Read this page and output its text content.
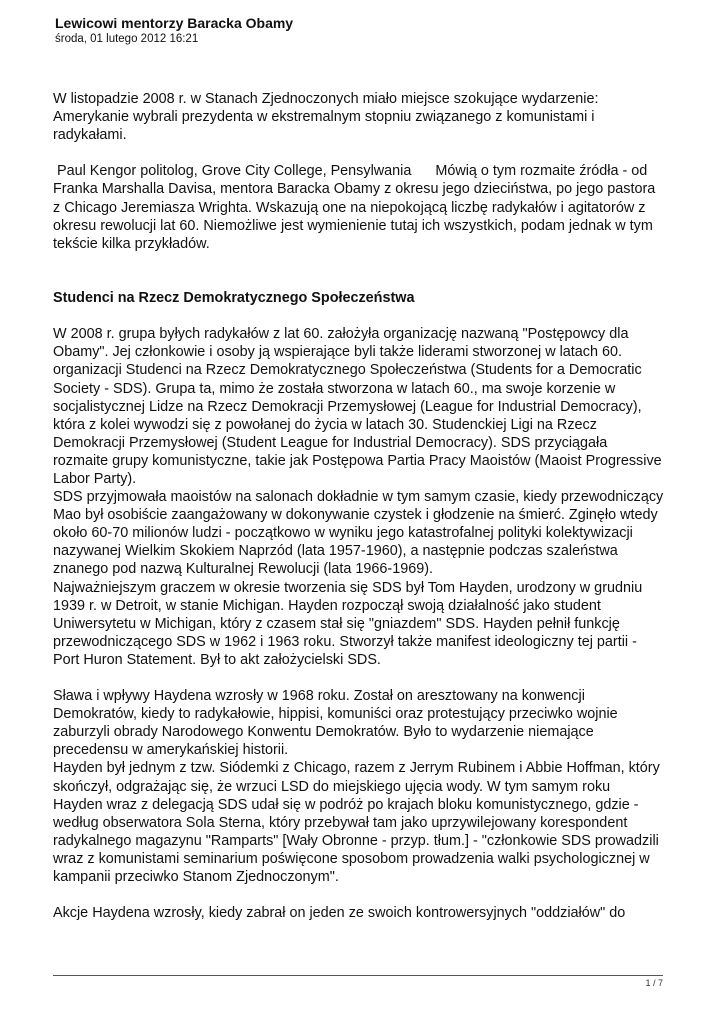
Lewicowi mentorzy Baracka Obamy

środa, 01 lutego 2012 16:21

W listopadzie 2008 r. w Stanach Zjednoczonych miało miejsce szokujące wydarzenie:

Amerykanie wybrali prezydenta w ekstremalnym stopniu związanego z komunistami i

radykałami.

Paul Kengor politolog, Grove City College, Pensylwania      Mówią o tym rozmaite źródła - od

Franka Marshalla Davisa, mentora Baracka Obamy z okresu jego dzieciństwa, po jego pastora

z Chicago Jeremiasza Wrighta. Wskazują one na niepokojącą liczbę radykałów i agitatorów z

okresu rewolucji lat 60. Niemożliwe jest wymienienie tutaj ich wszystkich, podam jednak w tym

tekście kilka przykładów.

Studenci na Rzecz Demokratycznego Społeczeństwa

W 2008 r. grupa byłych radykałów z lat 60. założyła organizację nazwaną "Postępowcy dla

Obamy". Jej członkowie i osoby ją wspierające byli także liderami stworzonej w latach 60.

organizacji Studenci na Rzecz Demokratycznego Społeczeństwa (Students for a Democratic

Society - SDS). Grupa ta, mimo że została stworzona w latach 60., ma swoje korzenie w

socjalistycznej Lidze na Rzecz Demokracji Przemysłowej (League for Industrial Democracy),

która z kolei wywodzi się z powołanej do życia w latach 30. Studenckiej Ligi na Rzecz

Demokracji Przemysłowej (Student League for Industrial Democracy). SDS przyciągała

rozmaite grupy komunistyczne, takie jak Postępowa Partia Pracy Maoistów (Maoist Progressive

Labor Party).

SDS przyjmowała maoistów na salonach dokładnie w tym samym czasie, kiedy przewodniczący

Mao był osobiście zaangażowany w dokonywanie czystek i głodzenie na śmierć. Zginęło wtedy

około 60-70 milionów ludzi - początkowo w wyniku jego katastrofalnej polityki kolektywizacji

nazywanej Wielkim Skokiem Naprzód (lata 1957-1960), a następnie podczas szaleństwa

znanego pod nazwą Kulturalnej Rewolucji (lata 1966-1969).

Najważniejszym graczem w okresie tworzenia się SDS był Tom Hayden, urodzony w grudniu

1939 r. w Detroit, w stanie Michigan. Hayden rozpoczął swoją działalność jako student

Uniwersytetu w Michigan, który z czasem stał się "gniazdem" SDS. Hayden pełnił funkcję

przewodniczącego SDS w 1962 i 1963 roku. Stworzył także manifest ideologiczny tej partii -

Port Huron Statement. Był to akt założycielski SDS.

Sława i wpływy Haydena wzrosły w 1968 roku. Został on aresztowany na konwencji

Demokratów, kiedy to radykałowie, hippisi, komuniści oraz protestujący przeciwko wojnie

zaburzyli obrady Narodowego Konwentu Demokratów. Było to wydarzenie niemające

precedensu w amerykańskiej historii.

Hayden był jednym z tzw. Siódemki z Chicago, razem z Jerrym Rubinem i Abbie Hoffman, który

skończył, odgrażając się, że wrzuci LSD do miejskiego ujęcia wody. W tym samym roku

Hayden wraz z delegacją SDS udał się w podróż po krajach bloku komunistycznego, gdzie -

według obserwatora Sola Sterna, który przebywał tam jako uprzywilejowany korespondent

radykalnego magazynu "Ramparts" [Wały Obronne - przyp. tłum.] - "członkowie SDS prowadzili

wraz z komunistami seminarium poświęcone sposobom prowadzenia walki psychologicznej w

kampanii przeciwko Stanom Zjednoczonym".

Akcje Haydena wzrosły, kiedy zabrał on jeden ze swoich kontrowersyjnych "oddziałów" do

1 / 7
